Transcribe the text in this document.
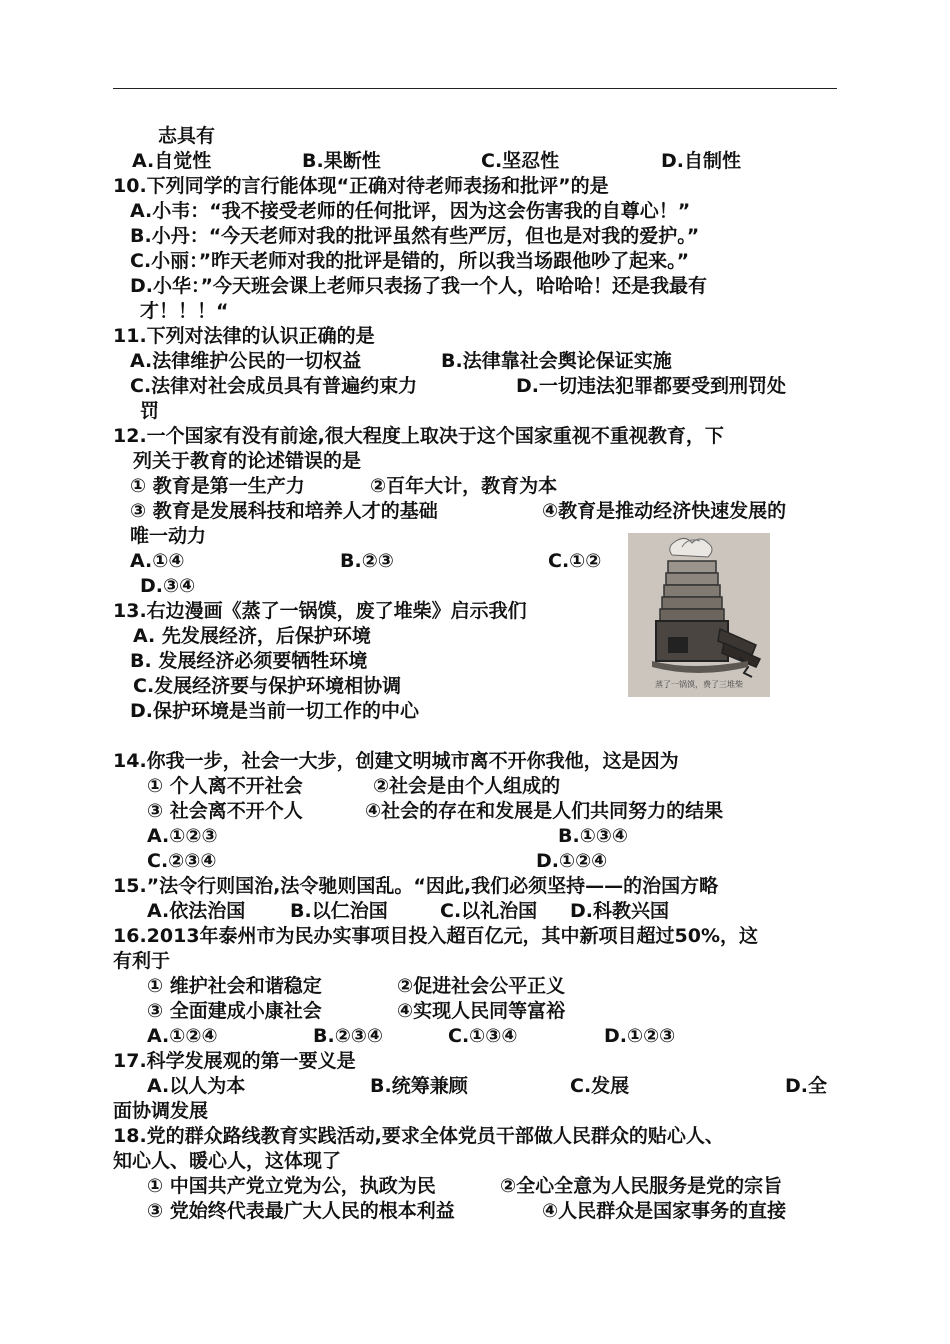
志具有
A.自觉性	B.果断性	C.坚忍性	D.自制性
10.下列同学的言行能体现“正确对待老师表扬和批评”的是
A.小韦：“我不接受老师的任何批评，因为这会伤害我的自尊心！”
B.小丹：“今天老师对我的批评虽然有些严厉，但也是对我的爱护。”
C.小丽：”昨天老师对我的批评是错的，所以我当场跟他吵了起来。”
D.小华：”今天班会课上老师只表扬了我一个人，哈哈哈！还是我最有
才！！！“
11.下列对法律的认识正确的是
A.法律维护公民的一切权益	B.法律靠社会舆论保证实施
C.法律对社会成员具有普遍约束力	D.一切违法犯罪都要受到刑罚处
罚
12.一个国家有没有前途,很大程度上取决于这个国家重视不重视教育，下
列关于教育的论述错误的是
① 教育是第一生产力	②百年大计，教育为本
③ 教育是发展科技和培养人才的基础	④教育是推动经济快速发展的
唯一动力
A.①④	B.②③	C.①②
D.③④
蒸了一锅馍，费了三堆柴
13.右边漫画《蒸了一锅馍，废了堆柴》启示我们
A. 先发展经济，后保护环境
B. 发展经济必须要牺牲环境
C.发展经济要与保护环境相协调
D.保护环境是当前一切工作的中心
14.你我一步，社会一大步，创建文明城市离不开你我他，这是因为
① 个人离不开社会	②社会是由个人组成的
③ 社会离不开个人	④社会的存在和发展是人们共同努力的结果
A.①②③	B.①③④
C.②③④	D.①②④
15.”法令行则国治,法令驰则国乱。“因此,我们必须坚持——的治国方略
A.依法治国 B.以仁治国	C.以礼治国 D.科教兴国
16.2013年泰州市为民办实事项目投入超百亿元，其中新项目超过50%，这
有利于
① 维护社会和谐稳定	②促进社会公平正义
③ 全面建成小康社会	④实现人民同等富裕
A.①②④	B.②③④	C.①③④	D.①②③
17.科学发展观的第一要义是
A.以人为本	B.统筹兼顾	C.发展	D.全
面协调发展
18.党的群众路线教育实践活动,要求全体党员干部做人民群众的贴心人、
知心人、暖心人，这体现了
① 中国共产党立党为公，执政为民	②全心全意为人民服务是党的宗旨
③ 党始终代表最广大人民的根本利益	④人民群众是国家事务的直接
